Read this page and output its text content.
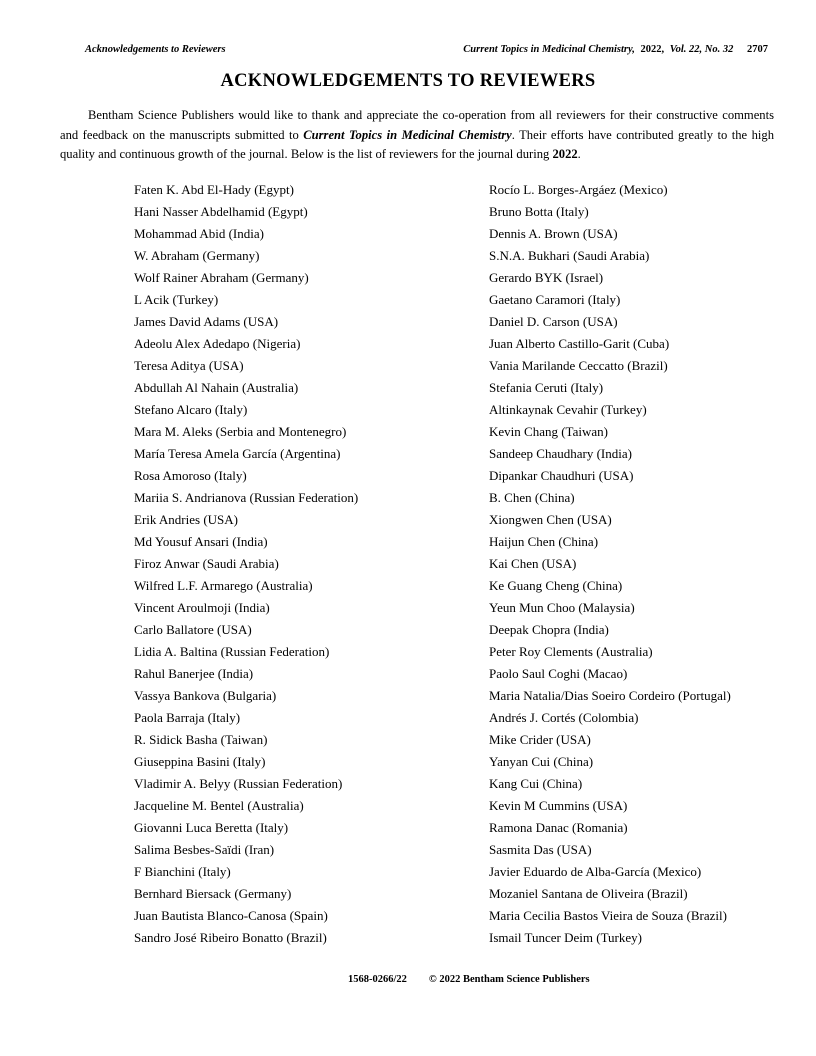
Acknowledgements to Reviewers	Current Topics in Medicinal Chemistry, 2022, Vol. 22, No. 32 2707
ACKNOWLEDGEMENTS TO REVIEWERS

Bentham Science Publishers would like to thank and appreciate the co-operation from all reviewers for their constructive comments and feedback on the manuscripts submitted to Current Topics in Medicinal Chemistry. Their efforts have contributed greatly to the high quality and continuous growth of the journal. Below is the list of reviewers for the journal during 2022.

Faten K. Abd El-Hady (Egypt)
Hani Nasser Abdelhamid (Egypt)
Mohammad Abid (India)
W. Abraham (Germany)
Wolf Rainer Abraham (Germany)
L Acik (Turkey)
James David Adams (USA)
Adeolu Alex Adedapo (Nigeria)
Teresa Aditya (USA)
Abdullah Al Nahain (Australia)
Stefano Alcaro (Italy)
Mara M. Aleks (Serbia and Montenegro)
María Teresa Amela García (Argentina)
Rosa Amoroso (Italy)
Mariia S. Andrianova (Russian Federation)
Erik Andries (USA)
Md Yousuf Ansari (India)
Firoz Anwar (Saudi Arabia)
Wilfred L.F. Armarego (Australia)
Vincent Aroulmoji (India)
Carlo Ballatore (USA)
Lidia A. Baltina (Russian Federation)
Rahul Banerjee (India)
Vassya Bankova (Bulgaria)
Paola Barraja (Italy)
R. Sidick Basha (Taiwan)
Giuseppina Basini (Italy)
Vladimir A. Belyy (Russian Federation)
Jacqueline M. Bentel (Australia)
Giovanni Luca Beretta (Italy)
Salima Besbes-Saïdi (Iran)
F Bianchini (Italy)
Bernhard Biersack (Germany)
Juan Bautista Blanco-Canosa (Spain)
Sandro José Ribeiro Bonatto (Brazil)
Rocío L. Borges-Argáez (Mexico)
Bruno Botta (Italy)
Dennis A. Brown (USA)
S.N.A. Bukhari (Saudi Arabia)
Gerardo BYK (Israel)
Gaetano Caramori (Italy)
Daniel D. Carson (USA)
Juan Alberto Castillo-Garit (Cuba)
Vania Marilande Ceccatto (Brazil)
Stefania Ceruti (Italy)
Altinkaynak Cevahir (Turkey)
Kevin Chang (Taiwan)
Sandeep Chaudhary (India)
Dipankar Chaudhuri (USA)
B. Chen (China)
Xiongwen Chen (USA)
Haijun Chen (China)
Kai Chen (USA)
Ke Guang Cheng (China)
Yeun Mun Choo (Malaysia)
Deepak Chopra (India)
Peter Roy Clements (Australia)
Paolo Saul Coghi (Macao)
Maria Natalia/Dias Soeiro Cordeiro (Portugal)
Andrés J. Cortés (Colombia)
Mike Crider (USA)
Yanyan Cui (China)
Kang Cui (China)
Kevin M Cummins (USA)
Ramona Danac (Romania)
Sasmita Das (USA)
Javier Eduardo de Alba-García (Mexico)
Mozaniel Santana de Oliveira (Brazil)
Maria Cecilia Bastos Vieira de Souza (Brazil)
Ismail Tuncer Deim (Turkey)
1568-0266/22 © 2022 Bentham Science Publishers
